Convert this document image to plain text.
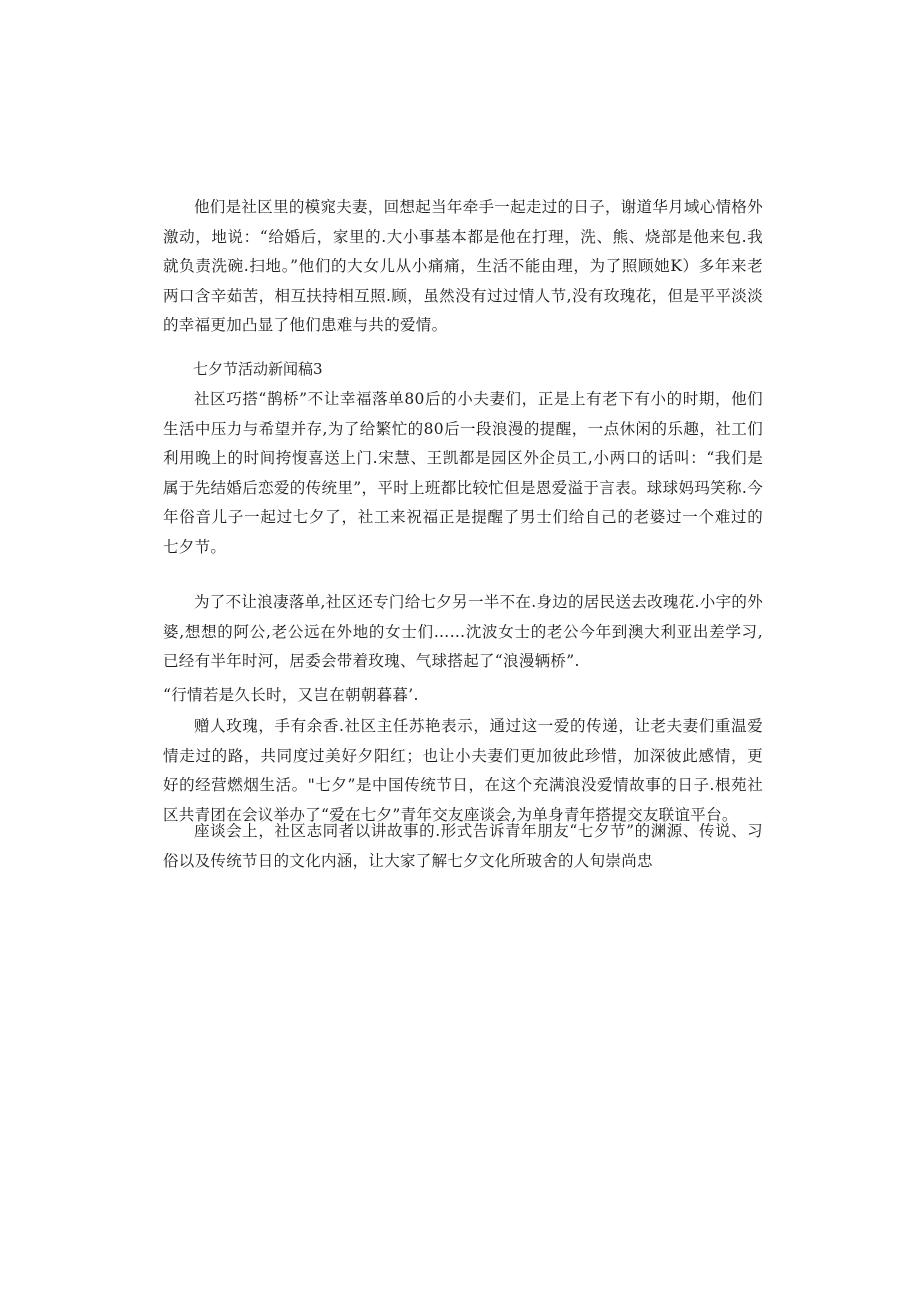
他们是社区里的模窕夫妻，回想起当年牵手一起走过的日子，谢道华月域心情格外激动，地说：“给婚后，家里的.大小事基本都是他在打理，洗、熊、烧部是他来包.我就负责洗碗.扫地。”他们的大女儿从小痛痛，生活不能由理，为了照顾她K）多年来老两口含辛茹苦，相互扶持相互照.顾，虽然没有过过情人节,没有玫瑰花，但是平平淡淡的幸福更加凸显了他们患难与共的爱情。

七夕节活动新闻稿3

社区巧搭“鹊桥”不让幸福落单80后的小夫妻们，正是上有老下有小的时期，他们生活中压力与希望并存,为了给繁忙的80后一段浪漫的提醒，一点休闲的乐趣，社工们利用晚上的时间挎愎喜送上门.宋慧、王凯都是园区外企员工,小两口的话叫：“我们是属于先结婚后恋爱的传统里”，平时上班都比较忙但是恩爱溢于言表。球球妈玛笑称.今年俗音儿子一起过七夕了，社工来祝福正是提醒了男士们给自己的老婆过一个难过的七夕节。

为了不让浪凄落单,社区还专门给七夕另一半不在.身边的居民送去改瑰花.小宇的外婆,想想的阿公,老公远在外地的女士们……沈波女士的老公今年到澳大利亚出差学习,已经有半年时河，居委会带着玫瑰、气球搭起了“浪漫辆桥”.

“行情若是久长时，又岂在朝朝暮暮’.

赠人玫瑰，手有余香.社区主任苏艳表示，通过这一爱的传递，让老夫妻们重温爱情走过的路，共同度过美好夕阳红；也让小夫妻们更加彼此珍惜，加深彼此感情，更好的经营燃烟生活。"七夕”是中国传统节日，在这个充满浪没爱情故事的日子.根苑社区共青团在会议举办了“爱在七夕”青年交友座谈会,为单身青年搭提交友联谊平台。

座谈会上，社区志同者以讲故事的.形式告诉青年朋友“七夕节”的渊源、传说、习俗以及传统节日的文化内涵，让大家了解七夕文化所玻舍的人旬崇尚忠
